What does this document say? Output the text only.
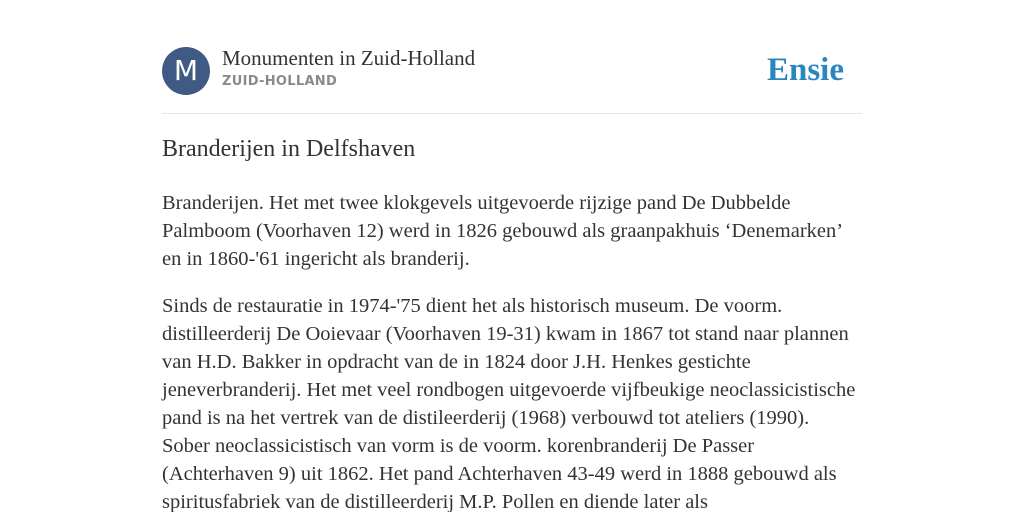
M	Monumenten in Zuid-Holland
ZUID-HOLLAND	Ensie
Branderijen in Delfshaven

Branderijen. Het met twee klokgevels uitgevoerde rijzige pand De Dubbelde Palmboom (Voorhaven 12) werd in 1826 gebouwd als graanpakhuis ‘Denemarken’ en in 1860-'61 ingericht als branderij.

Sinds de restauratie in 1974-'75 dient het als historisch museum. De voorm. distilleerderij De Ooievaar (Voorhaven 19-31) kwam in 1867 tot stand naar plannen van H.D. Bakker in opdracht van de in 1824 door J.H. Henkes gestichte jeneverbranderij. Het met veel rondbogen uitgevoerde vijfbeukige neoclassicistische pand is na het vertrek van de distileerderij (1968) verbouwd tot ateliers (1990). Sober neoclassicistisch van vorm is de voorm. korenbranderij De Passer (Achterhaven 9) uit 1862. Het pand Achterhaven 43-49 werd in 1888 gebouwd als spiritusfabriek van de distilleerderij M.P. Pollen en diende later als
